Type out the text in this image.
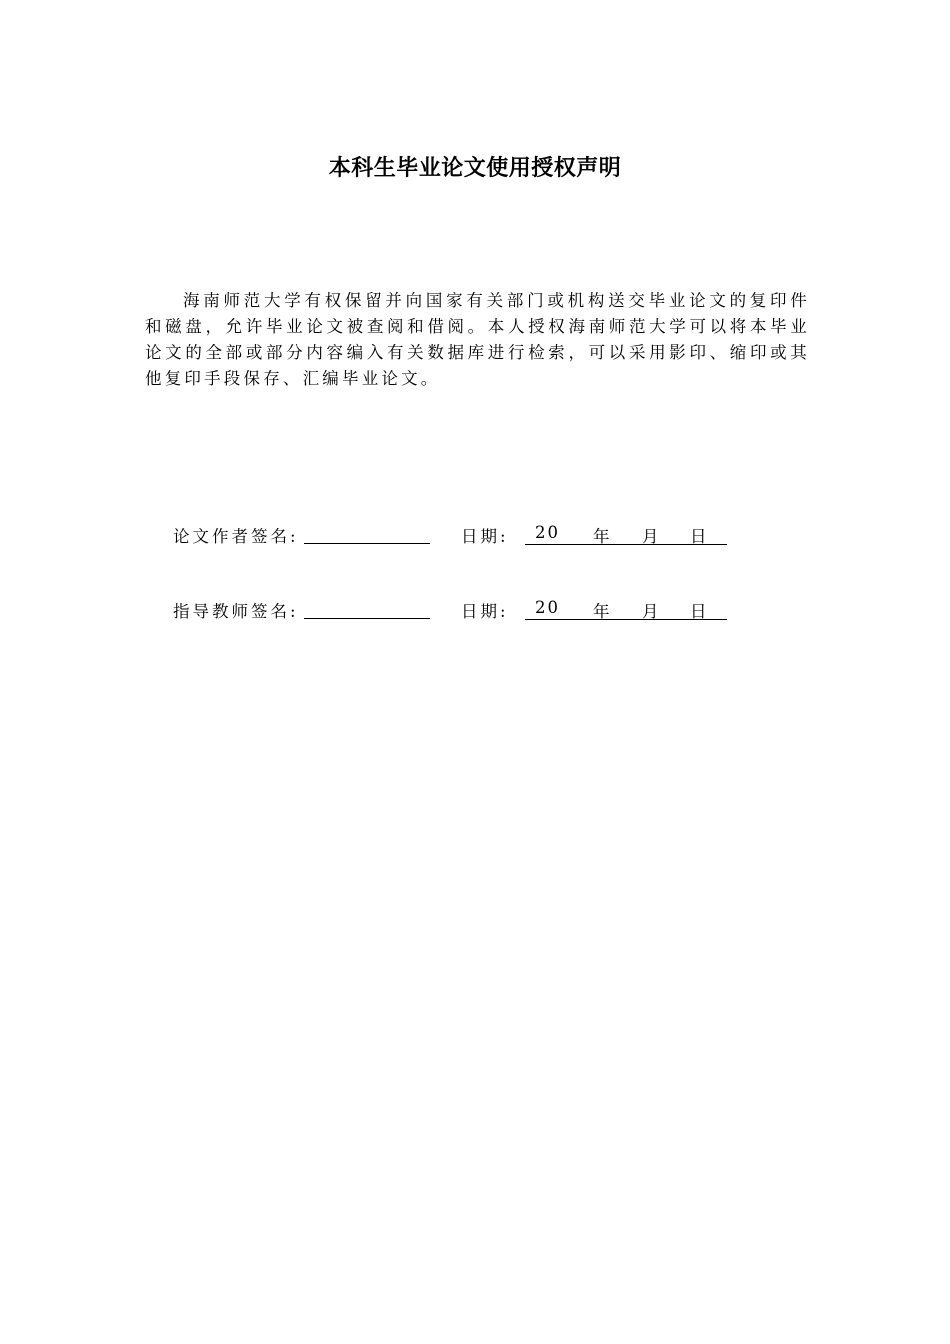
本科生毕业论文使用授权声明

海南师范大学有权保留并向国家有关部门或机构送交毕业论文的复印件和磁盘，允许毕业论文被查阅和借阅。本人授权海南师范大学可以将本毕业论文的全部或部分内容编入有关数据库进行检索，可以采用影印、缩印或其他复印手段保存、汇编毕业论文。

论文作者签名:	日期: 20 年 月 日
指导教师签名:	日期: 20 年 月 日
